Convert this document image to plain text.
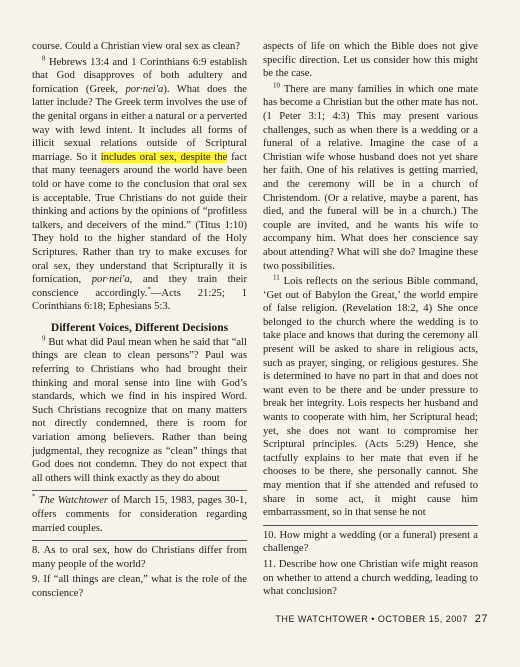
course. Could a Christian view oral sex as clean?

$^8$ Hebrews 13:4 and 1 Corinthians 6:9 establish that God disapproves of both adultery and fornication (Greek, por·nei′a). What does the latter include? The Greek term involves the use of the genital organs in either a natural or a perverted way with lewd intent. It includes all forms of illicit sexual relations outside of Scriptural marriage. So it includes oral sex, despite the fact that many teenagers around the world have been told or have come to the conclusion that oral sex is acceptable. True Christians do not guide their thinking and actions by the opinions of “profitless talkers, and deceivers of the mind.” (Titus 1:10) They hold to the higher standard of the Holy Scriptures. Rather than try to make excuses for oral sex, they understand that Scripturally it is fornication, por·nei′a, and they train their conscience accordingly.*—Acts 21:25; 1 Corinthians 6:18; Ephesians 5:3.

Different Voices, Different Decisions

$^9$ But what did Paul mean when he said that “all things are clean to clean persons”? Paul was referring to Christians who had brought their thinking and moral sense into line with God’s standards, which we find in his inspired Word. Such Christians recognize that on many matters not directly condemned, there is room for variation among believers. Rather than being judgmental, they recognize as “clean” things that God does not condemn. They do not expect that all others will think exactly as they do about

* The Watchtower of March 15, 1983, pages 30-1, offers comments for consideration regarding married couples.

8. As to oral sex, how do Christians differ from many people of the world?

9. If “all things are clean,” what is the role of the conscience?

aspects of life on which the Bible does not give specific direction. Let us consider how this might be the case.

$^{10}$ There are many families in which one mate has become a Christian but the other mate has not. (1 Peter 3:1; 4:3) This may present various challenges, such as when there is a wedding or a funeral of a relative. Imagine the case of a Christian wife whose husband does not yet share her faith. One of his relatives is getting married, and the ceremony will be in a church of Christendom. (Or a relative, maybe a parent, has died, and the funeral will be in a church.) The couple are invited, and he wants his wife to accompany him. What does her conscience say about attending? What will she do? Imagine these two possibilities.

$^{11}$ Lois reflects on the serious Bible command, ‘Get out of Babylon the Great,’ the world empire of false religion. (Revelation 18:2, 4) She once belonged to the church where the wedding is to take place and knows that during the ceremony all present will be asked to share in religious acts, such as prayer, singing, or religious gestures. She is determined to have no part in that and does not want even to be there and be under pressure to break her integrity. Lois respects her husband and wants to cooperate with him, her Scriptural head; yet, she does not want to compromise her Scriptural principles. (Acts 5:29) Hence, she tactfully explains to her mate that even if he chooses to be there, she personally cannot. She may mention that if she attended and refused to share in some act, it might cause him embarrassment, so in that sense he not

10. How might a wedding (or a funeral) present a challenge?

11. Describe how one Christian wife might reason on whether to attend a church wedding, leading to what conclusion?

THE WATCHTOWER • OCTOBER 15, 2007 27
